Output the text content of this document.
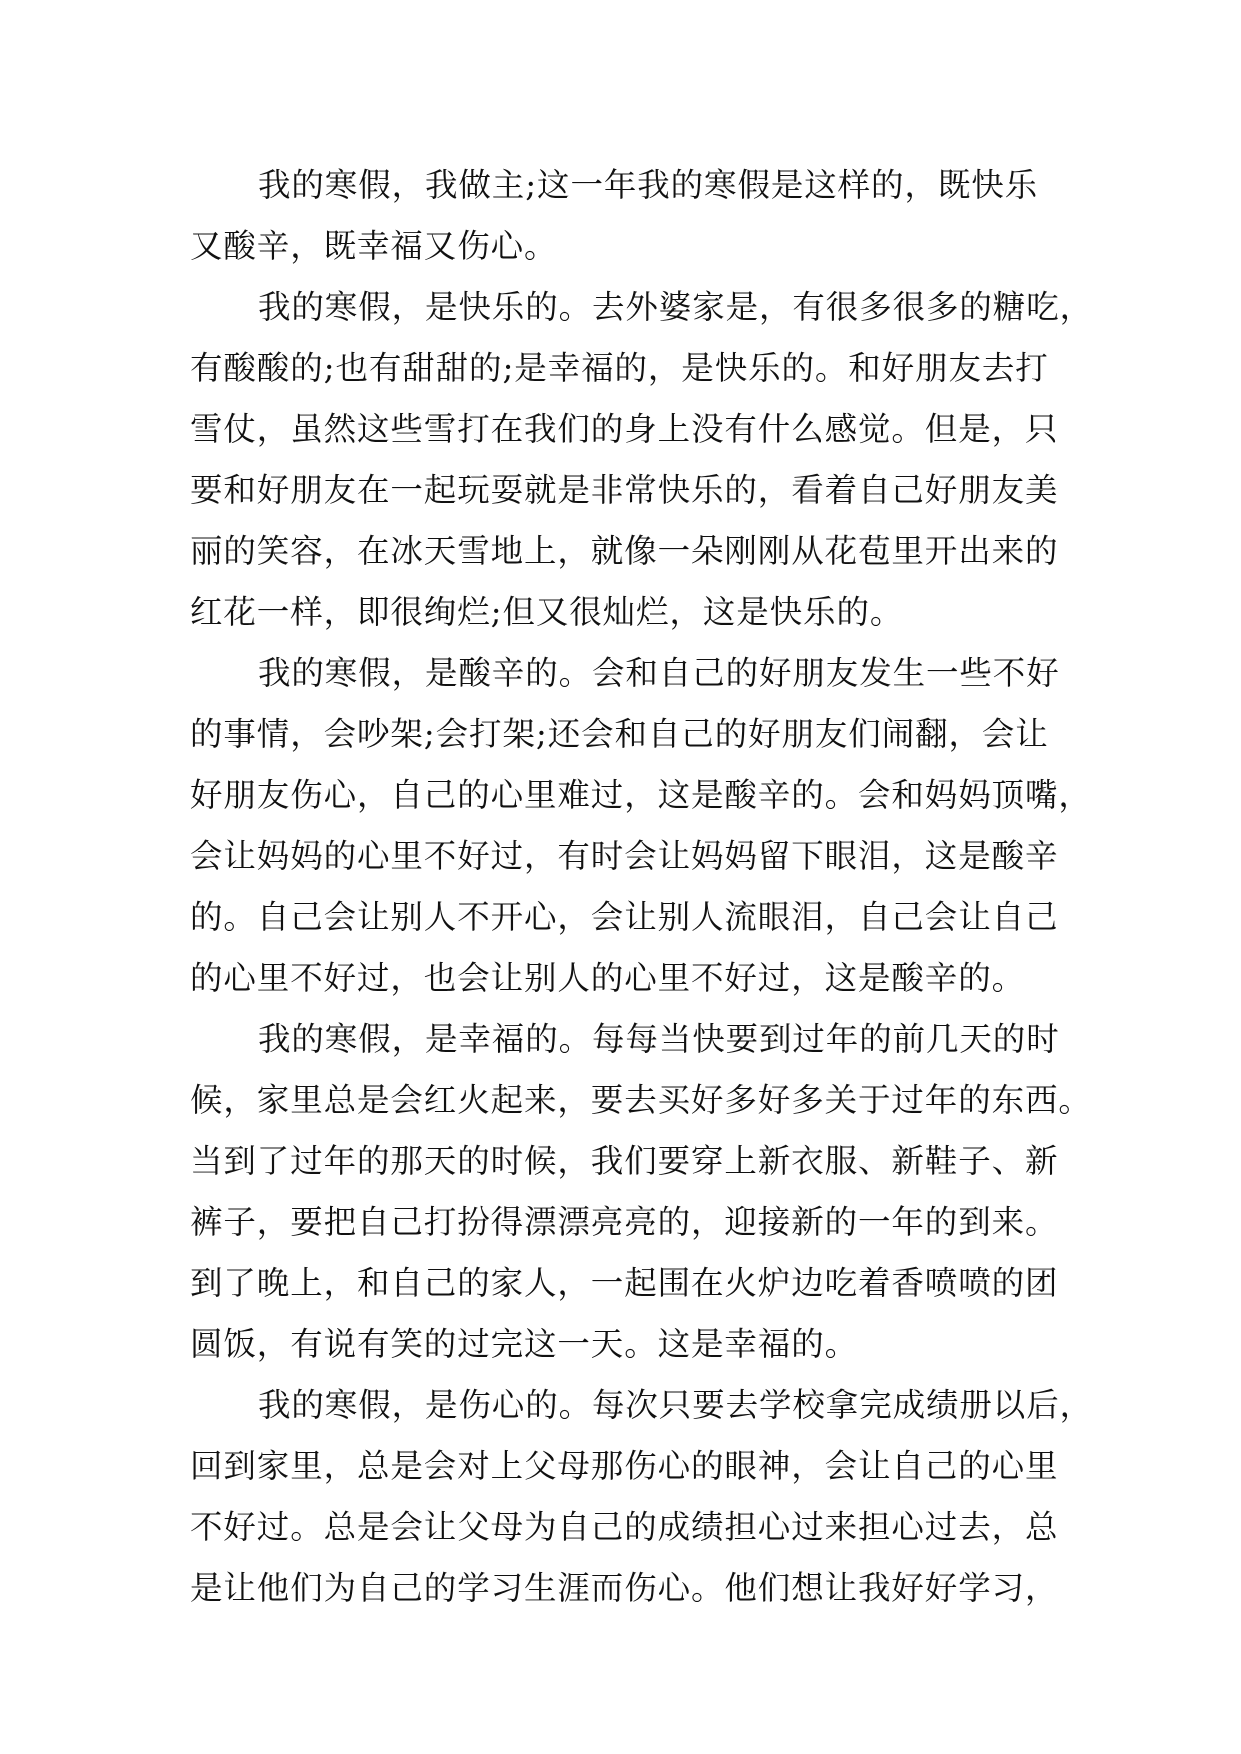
我的寒假，我做主;这一年我的寒假是这样的，既快乐
又酸辛，既幸福又伤心。
我的寒假，是快乐的。去外婆家是，有很多很多的糖吃，
有酸酸的;也有甜甜的;是幸福的，是快乐的。和好朋友去打
雪仗，虽然这些雪打在我们的身上没有什么感觉。但是，只
要和好朋友在一起玩耍就是非常快乐的，看着自己好朋友美
丽的笑容，在冰天雪地上，就像一朵刚刚从花苞里开出来的
红花一样，即很绚烂;但又很灿烂，这是快乐的。
我的寒假，是酸辛的。会和自己的好朋友发生一些不好
的事情，会吵架;会打架;还会和自己的好朋友们闹翻，会让
好朋友伤心，自己的心里难过，这是酸辛的。会和妈妈顶嘴，
会让妈妈的心里不好过，有时会让妈妈留下眼泪，这是酸辛
的。自己会让别人不开心，会让别人流眼泪，自己会让自己
的心里不好过，也会让别人的心里不好过，这是酸辛的。
我的寒假，是幸福的。每每当快要到过年的前几天的时
候，家里总是会红火起来，要去买好多好多关于过年的东西。
当到了过年的那天的时候，我们要穿上新衣服、新鞋子、新
裤子，要把自己打扮得漂漂亮亮的，迎接新的一年的到来。
到了晚上，和自己的家人，一起围在火炉边吃着香喷喷的团
圆饭，有说有笑的过完这一天。这是幸福的。
我的寒假，是伤心的。每次只要去学校拿完成绩册以后，
回到家里，总是会对上父母那伤心的眼神，会让自己的心里
不好过。总是会让父母为自己的成绩担心过来担心过去，总
是让他们为自己的学习生涯而伤心。他们想让我好好学习，
